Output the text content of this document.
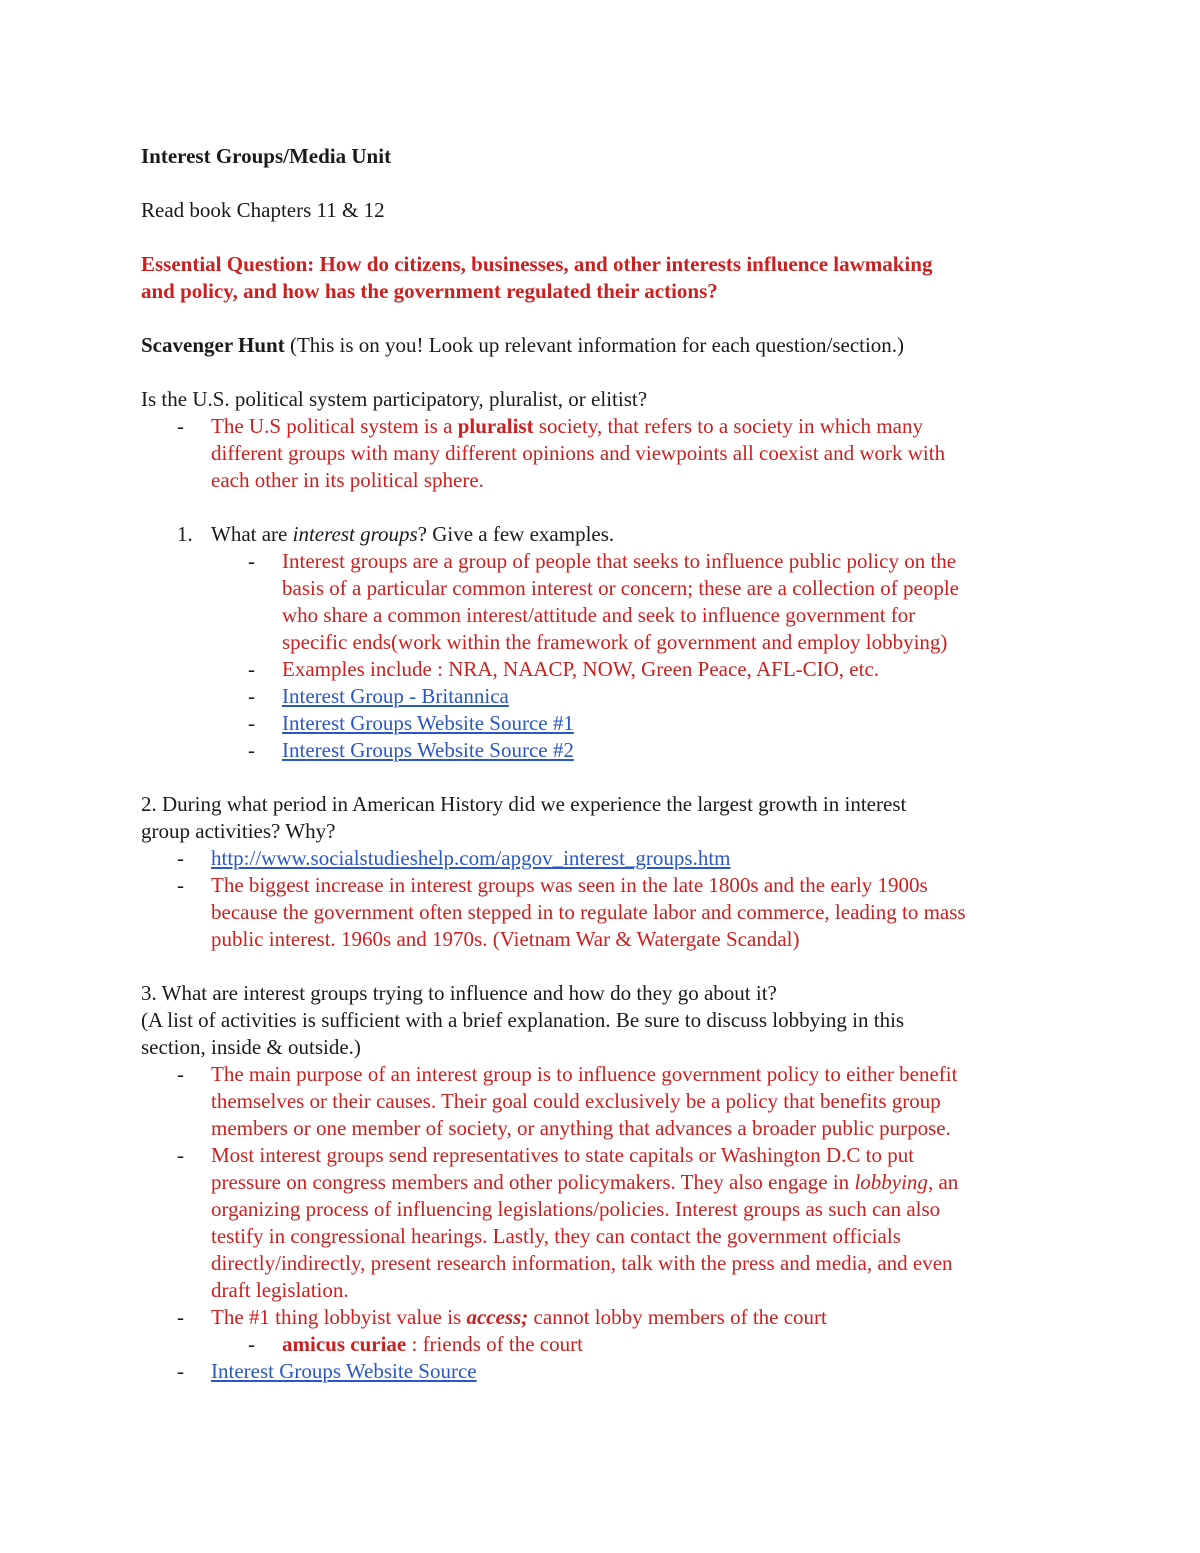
Interest Groups/Media Unit

Read book Chapters 11 & 12

Essential Question: How do citizens, businesses, and other interests influence lawmaking

and policy, and how has the government regulated their actions?

Scavenger Hunt (This is on you! Look up relevant information for each question/section.)

Is the U.S. political system participatory, pluralist, or elitist?

- The U.S political system is a pluralist society, that refers to a society in which many

different groups with many different opinions and viewpoints all coexist and work with

each other in its political sphere.

1. What are interest groups? Give a few examples.

- Interest groups are a group of people that seeks to influence public policy on the

basis of a particular common interest or concern; these are a collection of people

who share a common interest/attitude and seek to influence government for

specific ends(work within the framework of government and employ lobbying)

- Examples include : NRA, NAACP, NOW, Green Peace, AFL-CIO, etc.

- Interest Group - Britannica

- Interest Groups Website Source #1

- Interest Groups Website Source #2

2. During what period in American History did we experience the largest growth in interest

group activities? Why?

- http://www.socialstudieshelp.com/apgov_interest_groups.htm

- The biggest increase in interest groups was seen in the late 1800s and the early 1900s

because the government often stepped in to regulate labor and commerce, leading to mass

public interest. 1960s and 1970s. (Vietnam War & Watergate Scandal)

3. What are interest groups trying to influence and how do they go about it?

(A list of activities is sufficient with a brief explanation. Be sure to discuss lobbying in this

section, inside & outside.)

- The main purpose of an interest group is to influence government policy to either benefit

themselves or their causes. Their goal could exclusively be a policy that benefits group

members or one member of society, or anything that advances a broader public purpose.

- Most interest groups send representatives to state capitals or Washington D.C to put

pressure on congress members and other policymakers. They also engage in lobbying, an

organizing process of influencing legislations/policies. Interest groups as such can also

testify in congressional hearings. Lastly, they can contact the government officials

directly/indirectly, present research information, talk with the press and media, and even

draft legislation.

- The #1 thing lobbyist value is access; cannot lobby members of the court

- amicus curiae : friends of the court

- Interest Groups Website Source
